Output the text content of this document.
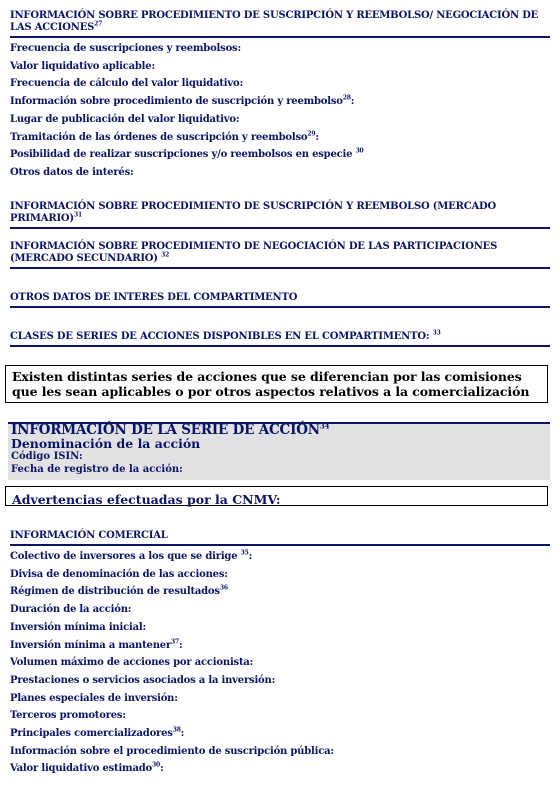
INFORMACIÓN SOBRE PROCEDIMIENTO DE SUSCRIPCIÓN Y REEMBOLSO/ NEGOCIACIÓN DE LAS ACCIONES$^{27}$
Frecuencia de suscripciones y reembolsos:
Valor liquidativo aplicable:
Frecuencia de cálculo del valor liquidativo:
Información sobre procedimiento de suscripción y reembolso$^{28}$:
Lugar de publicación del valor liquidativo:
Tramitación de las órdenes de suscripción y reembolso$^{29}$:
Posibilidad de realizar suscripciones y/o reembolsos en especie $^{30}$
Otros datos de interés:
INFORMACIÓN SOBRE PROCEDIMIENTO DE SUSCRIPCIÓN Y REEMBOLSO (MERCADO PRIMARIO)$^{31}$
INFORMACIÓN SOBRE PROCEDIMIENTO DE NEGOCIACIÓN DE LAS PARTICIPACIONES (MERCADO SECUNDARIO) $^{32}$
OTROS DATOS DE INTERES DEL COMPARTIMENTO
CLASES DE SERIES DE ACCIONES DISPONIBLES EN EL COMPARTIMENTO: $^{33}$
Existen distintas series de acciones que se diferencian por las comisiones que les sean aplicables o por otros aspectos relativos a la comercialización
INFORMACIÓN DE LA SERIE DE ACCIÓN$^{34}$
Denominación de la acción
Código ISIN:
Fecha de registro de la acción:
Advertencias efectuadas por la CNMV:
INFORMACIÓN COMERCIAL
Colectivo de inversores a los que se dirige $^{35}$:
Divisa de denominación de las acciones:
Régimen de distribución de resultados$^{36}$
Duración de la acción:
Inversión mínima inicial:
Inversión mínima a mantener$^{37}$:
Volumen máximo de acciones por accionista:
Prestaciones o servicios asociados a la inversión:
Planes especiales de inversión:
Terceros promotores:
Principales comercializadores$^{38}$:
Información sobre el procedimiento de suscripción pública:
Valor liquidativo estimado$^{30}$:
